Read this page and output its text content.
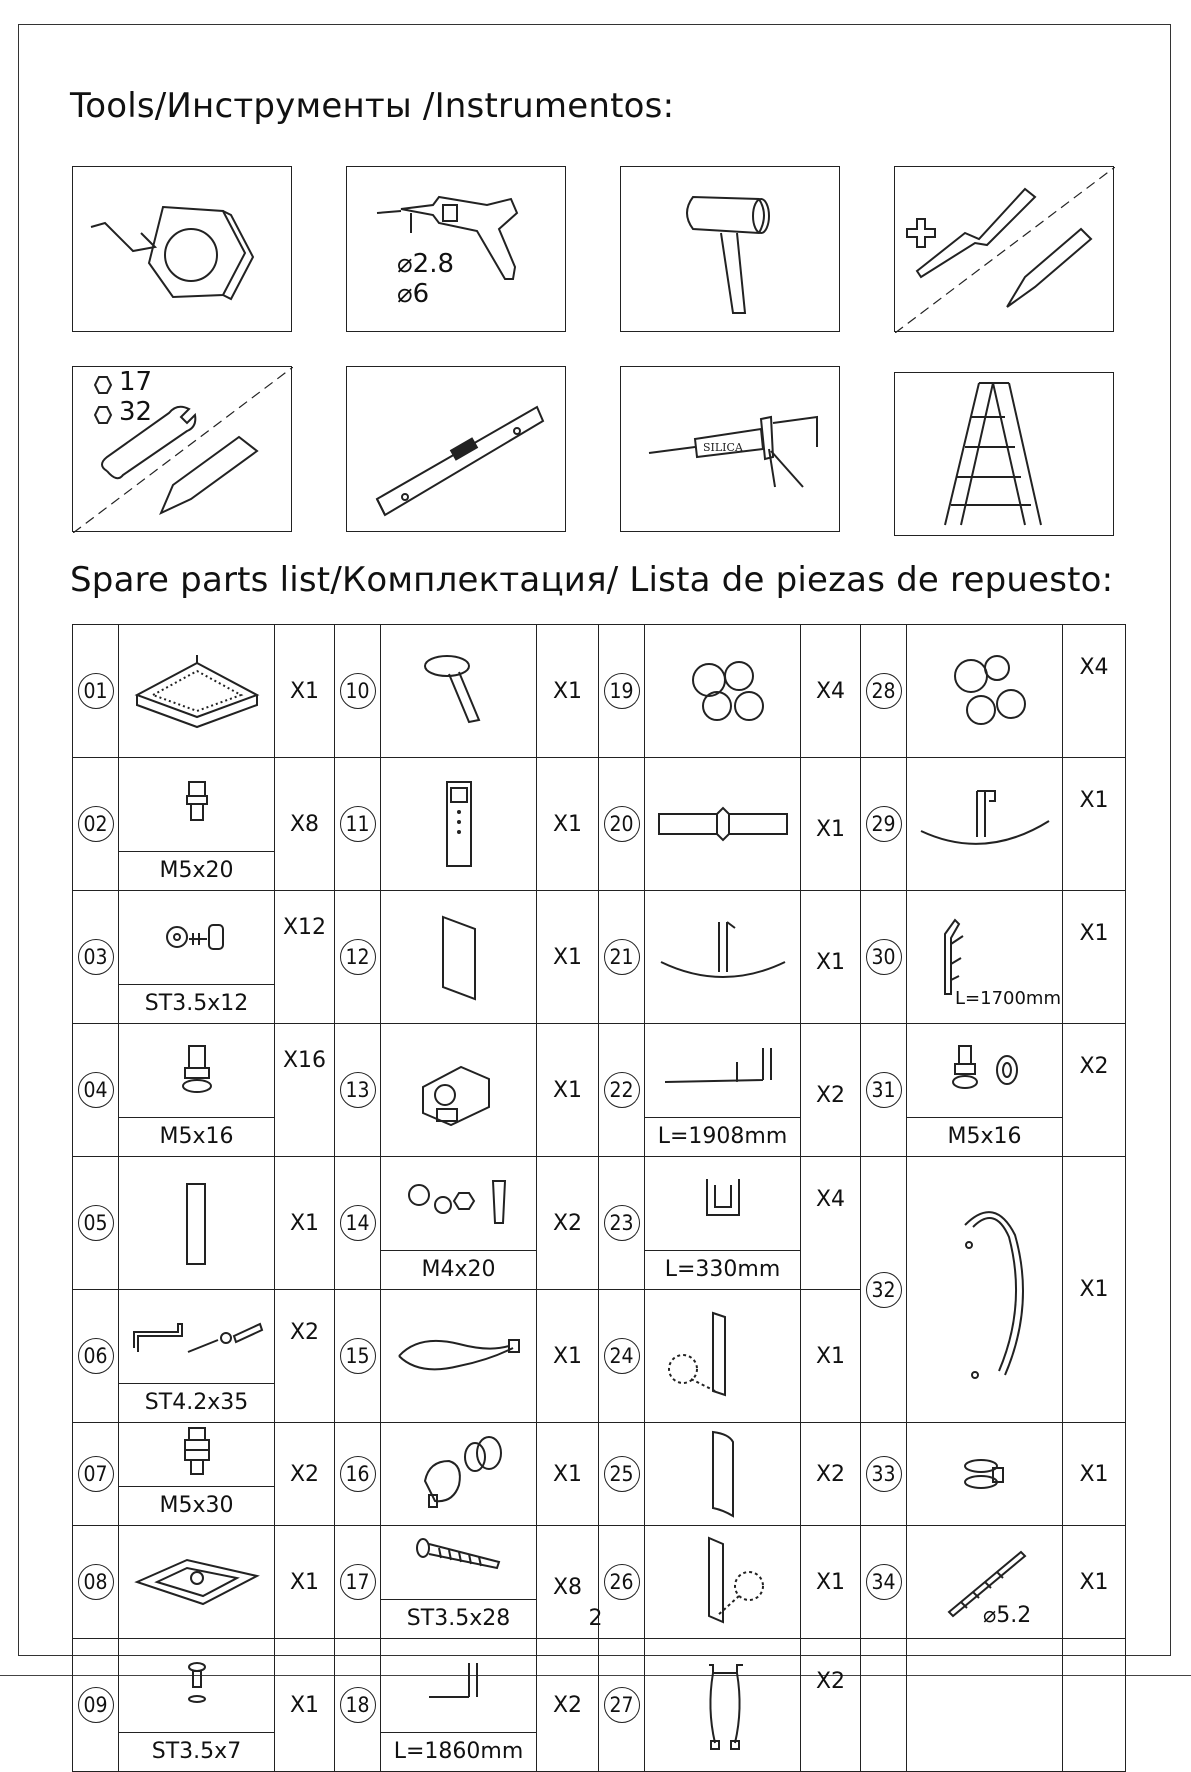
Tools/Инструменты /Instrumentos:
⌀2.8
⌀6
17
32
SILICA
Spare parts list/Комплектация/ Lista de piezas de repuesto:
01		X1	10		X1	19		X4	28		X4
02	M5x20	X8	11		X1	20		X1	29		X1
03	ST3.5x12	X12	12		X1	21		X1	30	L=1700mm	X1
04	M5x16	X16	13		X1	22	L=1908mm	X2	31	M5x16	X2
05		X1	14	M4x20	X2	23	L=330mm	X4	32		X1
06	ST4.2x35	X2	15		X1	24		X1			
07	M5x30	X2	16		X1	25		X2	33		X1
08		X1	17	ST3.5x28	X8	26		X1	34	⌀5.2	X1
09	ST3.5x7	X1	18	L=1860mm	X2	27		X2			
2
